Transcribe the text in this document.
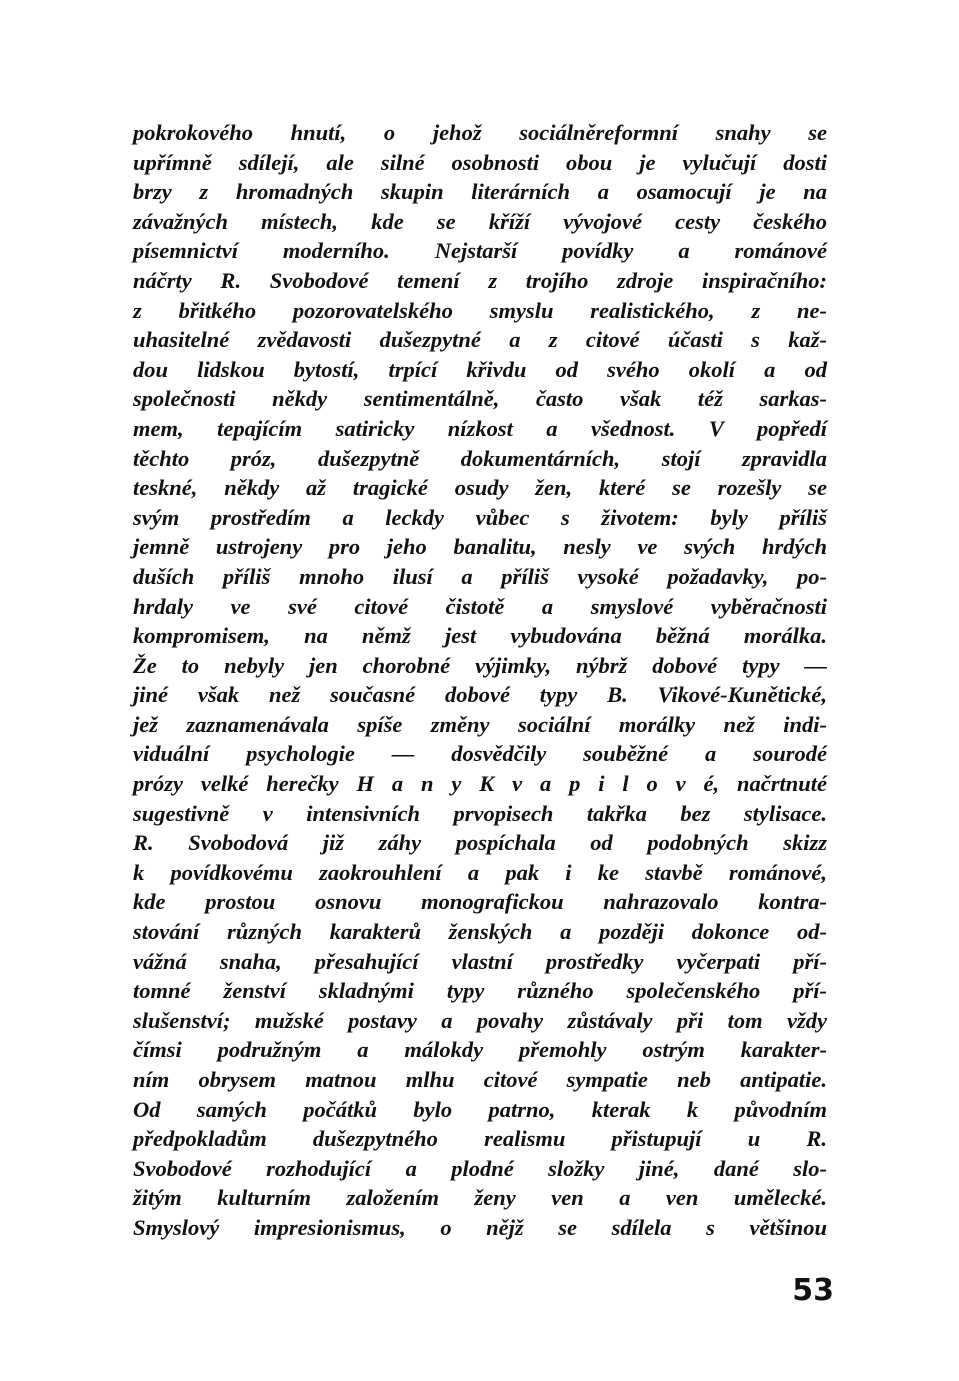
pokrokového hnutí, o jehož sociálněreformní snahy se
upřímně sdílejí, ale silné osobnosti obou je vylučují dosti
brzy z hromadných skupin literárních a osamocují je na
závažných místech, kde se kříží vývojové cesty českého
písemnictví moderního. Nejstarší povídky a románové
náčrty R. Svobodové temení z trojího zdroje inspiračního:
z břitkého pozorovatelského smyslu realistického, z ne-
uhasitelné zvědavosti dušezpytné a z citové účasti s kaž-
dou lidskou bytostí, trpící křivdu od svého okolí a od
společnosti někdy sentimentálně, často však též sarkas-
mem, tepajícím satiricky nízkost a všednost. V popředí
těchto próz, dušezpytně dokumentárních, stojí zpravidla
teskné, někdy až tragické osudy žen, které se rozešly se
svým prostředím a leckdy vůbec s životem: byly příliš
jemně ustrojeny pro jeho banalitu, nesly ve svých hrdých
duších příliš mnoho ilusí a příliš vysoké požadavky, po-
hrdaly ve své citové čistotě a smyslové vyběračnosti
kompromisem, na němž jest vybudována běžná morálka.
Že to nebyly jen chorobné výjimky, nýbrž dobové typy —
jiné však než současné dobové typy B. Vikové-Kunětické,
jež zaznamenávala spíše změny sociální morálky než indi-
viduální psychologie — dosvědčily souběžné a sourodé
prózy velké herečky H a n y K v a p i l o v é, načrtnuté
sugestivně v intensivních prvopisech takřka bez stylisace.
R. Svobodová již záhy pospíchala od podobných skizz
k povídkovému zaokrouhlení a pak i ke stavbě románové,
kde prostou osnovu monografickou nahrazovalo kontra-
stování různých karakterů ženských a později dokonce od-
vážná snaha, přesahující vlastní prostředky vyčerpati pří-
tomné ženství skladnými typy různého společenského pří-
slušenství; mužské postavy a povahy zůstávaly při tom vždy
čímsi podružným a málokdy přemohly ostrým karakter-
ním obrysem matnou mlhu citové sympatie neb antipatie.
Od samých počátků bylo patrno, kterak k původním
předpokladům dušezpytného realismu přistupují u R.
Svobodové rozhodující a plodné složky jiné, dané slo-
žitým kulturním založením ženy ven a ven umělecké.
Smyslový impresionismus, o nějž se sdílela s většinou
53
